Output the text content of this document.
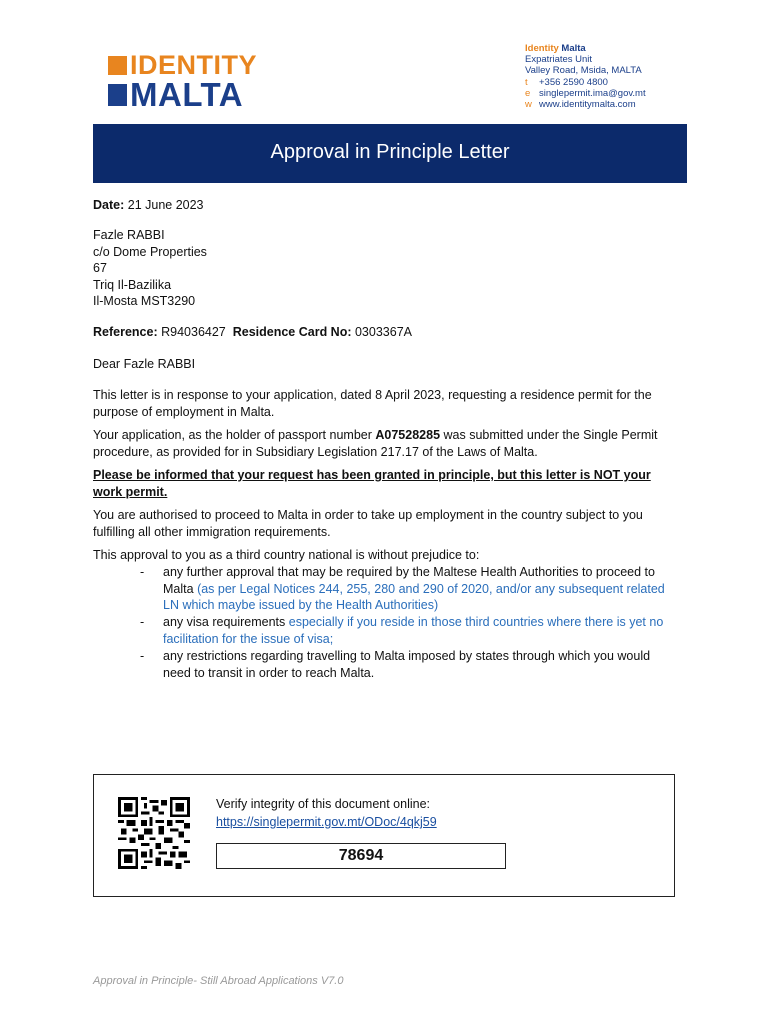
IDENTITY
MALTA
Identity Malta
Expatriates Unit
Valley Road, Msida, MALTA
t +356 2590 4800
e singlepermit.ima@gov.mt
w www.identitymalta.com
Approval in Principle Letter
Date: 21 June 2023
Fazle RABBI
c/o Dome Properties
67
Triq Il-Bazilika
Il-Mosta MST3290
Reference: R94036427 Residence Card No: 0303367A
Dear Fazle RABBI
This letter is in response to your application, dated 8 April 2023, requesting a residence permit for the purpose of employment in Malta.
Your application, as the holder of passport number A07528285 was submitted under the Single Permit procedure, as provided for in Subsidiary Legislation 217.17 of the Laws of Malta.
Please be informed that your request has been granted in principle, but this letter is NOT your work permit.
You are authorised to proceed to Malta in order to take up employment in the country subject to you fulfilling all other immigration requirements.
This approval to you as a third country national is without prejudice to:
- any further approval that may be required by the Maltese Health Authorities to proceed to Malta (as per Legal Notices 244, 255, 280 and 290 of 2020, and/or any subsequent related LN which maybe issued by the Health Authorities)
- any visa requirements especially if you reside in those third countries where there is yet no facilitation for the issue of visa;
- any restrictions regarding travelling to Malta imposed by states through which you would need to transit in order to reach Malta.
Verify integrity of this document online:
https://singlepermit.gov.mt/ODoc/4qkj59
78694
Approval in Principle- Still Abroad Applications V7.0
